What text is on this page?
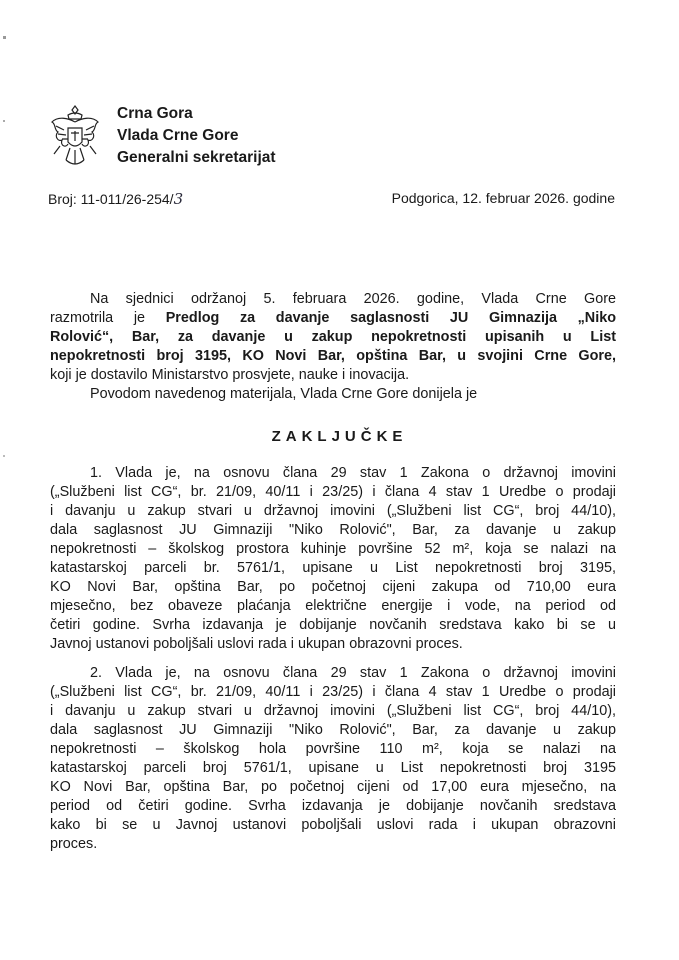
Crna Gora
Vlada Crne Gore
Generalni sekretarijat
Broj: 11-011/26-254/3	Podgorica, 12. februar 2026. godine
Na sjednici održanoj 5. februara 2026. godine, Vlada Crne Gore
razmotrila je Predlog za davanje saglasnosti JU Gimnazija „Niko
Rolović“, Bar, za davanje u zakup nepokretnosti upisanih u List
nepokretnosti broj 3195, KO Novi Bar, opština Bar, u svojini Crne Gore,
koji je dostavilo Ministarstvo prosvjete, nauke i inovacija.
Povodom navedenog materijala, Vlada Crne Gore donijela je
ZAKLJUČKE
1. Vlada je, na osnovu člana 29 stav 1 Zakona o državnoj imovini
(„Službeni list CG“, br. 21/09, 40/11 i 23/25) i člana 4 stav 1 Uredbe o prodaji
i davanju u zakup stvari u državnoj imovini („Službeni list CG“, broj 44/10),
dala saglasnost JU Gimnaziji "Niko Rolović", Bar, za davanje u zakup
nepokretnosti – školskog prostora kuhinje površine 52 m², koja se nalazi na
katastarskoj parceli br. 5761/1, upisane u List nepokretnosti broj 3195,
KO Novi Bar, opština Bar, po početnoj cijeni zakupa od 710,00 eura
mjesečno, bez obaveze plaćanja električne energije i vode, na period od
četiri godine. Svrha izdavanja je dobijanje novčanih sredstava kako bi se u
Javnoj ustanovi poboljšali uslovi rada i ukupan obrazovni proces.
2. Vlada je, na osnovu člana 29 stav 1 Zakona o državnoj imovini
(„Službeni list CG“, br. 21/09, 40/11 i 23/25) i člana 4 stav 1 Uredbe o prodaji
i davanju u zakup stvari u državnoj imovini („Službeni list CG“, broj 44/10),
dala saglasnost JU Gimnaziji "Niko Rolović", Bar, za davanje u zakup
nepokretnosti – školskog hola površine 110 m², koja se nalazi na
katastarskoj parceli broj 5761/1, upisane u List nepokretnosti broj 3195
KO Novi Bar, opština Bar, po početnoj cijeni od 17,00 eura mjesečno, na
period od četiri godine. Svrha izdavanja je dobijanje novčanih sredstava
kako bi se u Javnoj ustanovi poboljšali uslovi rada i ukupan obrazovni
proces.
